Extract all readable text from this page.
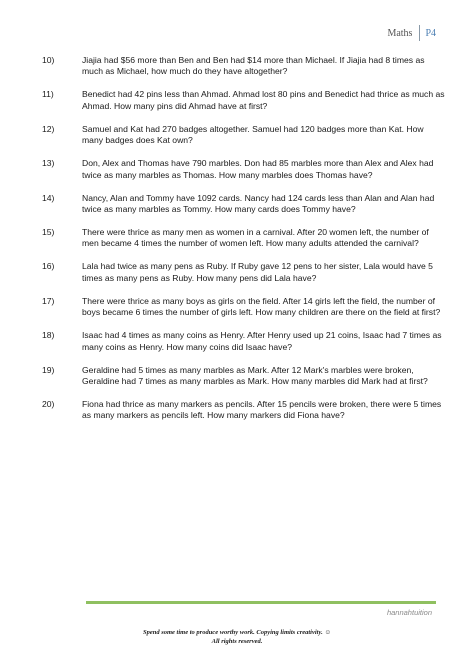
Maths P4
10)	Jiajia had $56 more than Ben and Ben had $14 more than Michael. If Jiajia had 8 times as much as Michael, how much do they have altogether?
11)	Benedict had 42 pins less than Ahmad. Ahmad lost 80 pins and Benedict had thrice as much as Ahmad. How many pins did Ahmad have at first?
12)	Samuel and Kat had 270 badges altogether. Samuel had 120 badges more than Kat. How many badges does Kat own?
13)	Don, Alex and Thomas have 790 marbles. Don had 85 marbles more than Alex and Alex had twice as many marbles as Thomas. How many marbles does Thomas have?
14)	Nancy, Alan and Tommy have 1092 cards. Nancy had 124 cards less than Alan and Alan had twice as many marbles as Tommy. How many cards does Tommy have?
15)	There were thrice as many men as women in a carnival. After 20 women left, the number of men became 4 times the number of women left. How many adults attended the carnival?
16)	Lala had twice as many pens as Ruby. If Ruby gave 12 pens to her sister, Lala would have 5 times as many pens as Ruby. How many pens did Lala have?
17)	There were thrice as many boys as girls on the field. After 14 girls left the field, the number of boys became 6 times the number of girls left. How many children are there on the field at first?
18)	Isaac had 4 times as many coins as Henry. After Henry used up 21 coins, Isaac had 7 times as many coins as Henry. How many coins did Isaac have?
19)	Geraldine had 5 times as many marbles as Mark. After 12 Mark's marbles were broken, Geraldine had 7 times as many marbles as Mark. How many marbles did Mark had at first?
20)	Fiona had thrice as many markers as pencils. After 15 pencils were broken, there were 5 times as many markers as pencils left. How many markers did Fiona have?
hannahtuition
Spend some time to produce worthy work. Copying limits creativity. ☺
All rights reserved.
